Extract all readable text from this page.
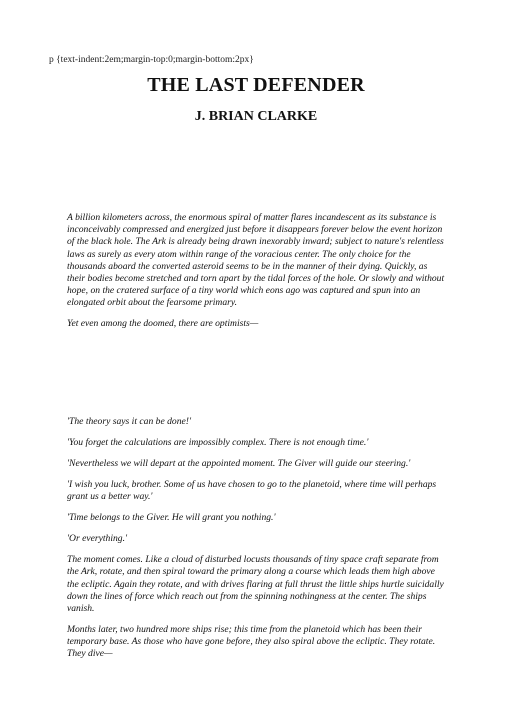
p {text-indent:2em;margin-top:0;margin-bottom:2px}
THE LAST DEFENDER
J. BRIAN CLARKE

A billion kilometers across, the enormous spiral of matter flares incandescent as its substance is inconceivably compressed and energized just before it disappears forever below the event horizon of the black hole. The Ark is already being drawn inexorably inward; subject to nature's relentless laws as surely as every atom within range of the voracious center. The only choice for the thousands aboard the converted asteroid seems to be in the manner of their dying. Quickly, as their bodies become stretched and torn apart by the tidal forces of the hole. Or slowly and without hope, on the cratered surface of a tiny world which eons ago was captured and spun into an elongated orbit about the fearsome primary.

Yet even among the doomed, there are optimists—

'The theory says it can be done!'

'You forget the calculations are impossibly complex. There is not enough time.'

'Nevertheless we will depart at the appointed moment. The Giver will guide our steering.'

'I wish you luck, brother. Some of us have chosen to go to the planetoid, where time will perhaps grant us a better way.'

'Time belongs to the Giver. He will grant you nothing.'

'Or everything.'

The moment comes. Like a cloud of disturbed locusts thousands of tiny space craft separate from the Ark, rotate, and then spiral toward the primary along a course which leads them high above the ecliptic. Again they rotate, and with drives flaring at full thrust the little ships hurtle suicidally down the lines of force which reach out from the spinning nothingness at the center. The ships vanish.

Months later, two hundred more ships rise; this time from the planetoid which has been their temporary base. As those who have gone before, they also spiral above the ecliptic. They rotate. They dive—
